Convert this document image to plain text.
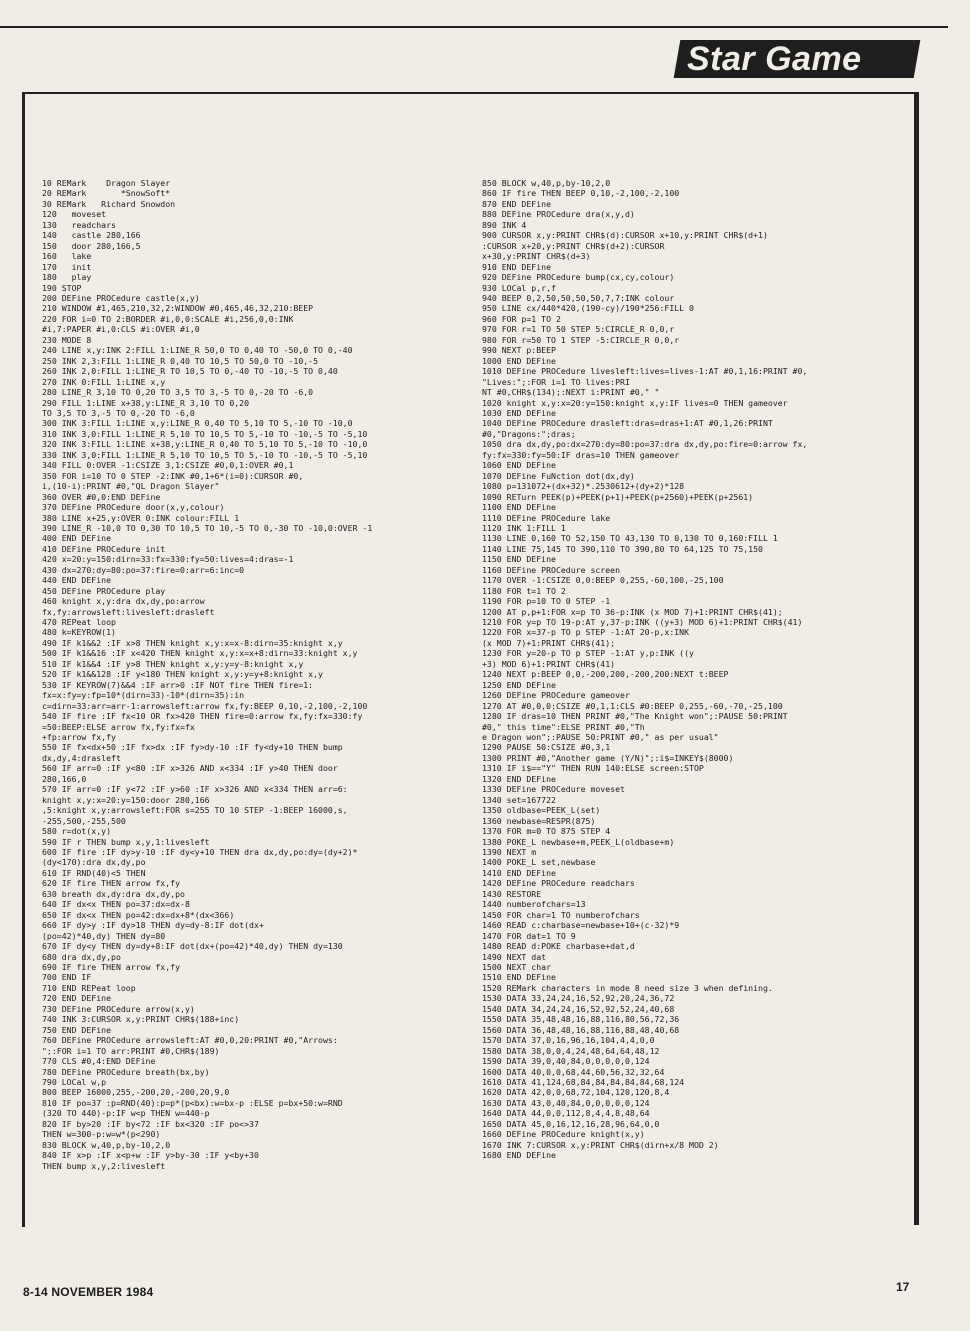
Star Game
10 REMark    Dragon Slayer
20 REMark       *SnowSoft*
30 REMark   Richard Snowdon
120   moveset
130   readchars
140   castle 280,166
150   door 280,166,5
160   lake
170   init
180   play
190 STOP
200 DEFine PROCedure castle(x,y)
210 WINDOW #1,465,210,32,2:WINDOW #0,465,46,32,210:BEEP
220 FOR i=0 TO 2:BORDER #i,0,0:SCALE #i,256,0,0:INK
#i,7:PAPER #i,0:CLS #i:OVER #i,0
230 MODE 8
240 LINE x,y:INK 2:FILL 1:LINE_R 50,0 TO 0,40 TO -50,0 TO 0,-40
250 INK 2,3:FILL 1:LINE_R 0,40 TO 10,5 TO 50,0 TO -10,-5
260 INK 2,0:FILL 1:LINE_R TO 10,5 TO 0,-40 TO -10,-5 TO 0,40
270 INK 0:FILL 1:LINE x,y
280 LINE_R 3,10 TO 0,20 TO 3,5 TO 3,-5 TO 0,-20 TO -6,0
290 FILL 1:LINE x+38,y:LINE_R 3,10 TO 0,20
TO 3,5 TO 3,-5 TO 0,-20 TO -6,0
300 INK 3:FILL 1:LINE x,y:LINE_R 0,40 TO 5,10 TO 5,-10 TO -10,0
310 INK 3,0:FILL 1:LINE_R 5,10 TO 10,5 TO 5,-10 TO -10,-5 TO -5,10
320 INK 3:FILL 1:LINE x+38,y:LINE_R 0,40 TO 5,10 TO 5,-10 TO -10,0
330 INK 3,0:FILL 1:LINE_R 5,10 TO 10,5 TO 5,-10 TO -10,-5 TO -5,10
340 FILL 0:OVER -1:CSIZE 3,1:CSIZE #0,0,1:OVER #0,1
350 FOR i=10 TO 0 STEP -2:INK #0,1+6*(i=0):CURSOR #0,
i,(10-i):PRINT #0,"QL Dragon Slayer"
360 OVER #0,0:END DEFine
370 DEFine PROCedure door(x,y,colour)
380 LINE x+25,y:OVER 0:INK colour:FILL 1
390 LINE_R -10,0 TO 0,30 TO 10,5 TO 10,-5 TO 0,-30 TO -10,0:OVER -1
400 END DEFine
410 DEFine PROCedure init
420 x=20:y=150:dirn=33:fx=330:fy=50:lives=4:dras=-1
430 dx=270:dy=80:po=37:fire=0:arr=6:inc=0
440 END DEFine
450 DEFine PROCedure play
460 knight x,y:dra dx,dy,po:arrow
fx,fy:arrowsleft:livesleft:drasleft
470 REPeat loop
480 k=KEYROW(1)
490 IF k1&&2 :IF x>8 THEN knight x,y:x=x-8:dirn=35:knight x,y
500 IF k1&&16 :IF x<420 THEN knight x,y:x=x+8:dirn=33:knight x,y
510 IF k1&&4 :IF y>8 THEN knight x,y:y=y-8:knight x,y
520 IF k1&&128 :IF y<180 THEN knight x,y:y=y+8:knight x,y
530 IF KEYROW(7)&&4 :IF arr>0 :IF NOT fire THEN fire=1:
fx=x:fy=y:fp=10*(dirn=33)-10*(dirn=35):in
c=dirn=33:arr=arr-1:arrowsleft:arrow fx,fy:BEEP 0,10,-2,100,-2,100
540 IF fire :IF fx<10 OR fx>420 THEN fire=0:arrow fx,fy:fx=330:fy
=50:BEEP:ELSE arrow fx,fy:fx=fx
+fp:arrow fx,fy
550 IF fx<dx+50 :IF fx>dx :IF fy>dy-10 :IF fy<dy+10 THEN bump
dx,dy,4:drasleft
560 IF arr=0 :IF y<80 :IF x>326 AND x<334 :IF y>40 THEN door
280,166,0
570 IF arr=0 :IF y<72 :IF y>60 :IF x>326 AND x<334 THEN arr=6:
knight x,y:x=20:y=150:door 280,166
,5:knight x,y:arrowsleft:FOR s=255 TO 10 STEP -1:BEEP 16000,s,
-255,500,-255,500
580 r=dot(x,y)
590 IF r THEN bump x,y,1:livesleft
600 IF fire :IF dy>y-10 :IF dy<y+10 THEN dra dx,dy,po:dy=(dy+2)*
(dy<170):dra dx,dy,po
610 IF RND(40)<5 THEN
620 IF fire THEN arrow fx,fy
630 breath dx,dy:dra dx,dy,po
640 IF dx<x THEN po=37:dx=dx-8
650 IF dx<x THEN po=42:dx=dx+8*(dx<366)
660 IF dy>y :IF dy>18 THEN dy=dy-8:IF dot(dx+
(po=42)*40,dy) THEN dy=80
670 IF dy<y THEN dy=dy+8:IF dot(dx+(po=42)*40,dy) THEN dy=130
680 dra dx,dy,po
690 IF fire THEN arrow fx,fy
700 END IF
710 END REPeat loop
720 END DEFine
730 DEFine PROCedure arrow(x,y)
740 INK 3:CURSOR x,y:PRINT CHR$(188+inc)
750 END DEFine
760 DEFine PROCedure arrowsleft:AT #0,0,20:PRINT #0,"Arrows:
";:FOR i=1 TO arr:PRINT #0,CHR$(189)
770 CLS #0,4:END DEFine
780 DEFine PROCedure breath(bx,by)
790 LOCal w,p
800 BEEP 16000,255,-200,20,-200,20,9,0
810 IF po=37 :p=RND(40):p=p*(p<bx):w=bx-p :ELSE p=bx+50:w=RND
(320 TO 440)-p:IF w<p THEN w=440-p
820 IF by>20 :IF by<72 :IF bx<320 :IF po<>37
THEN w=300-p:w=w*(p<290)
830 BLOCK w,40,p,by-10,2,0
840 IF x>p :IF x<p+w :IF y>by-30 :IF y<by+30
THEN bump x,y,2:livesleft
850 BLOCK w,40,p,by-10,2,0
860 IF fire THEN BEEP 0,10,-2,100,-2,100
870 END DEFine
880 DEFine PROCedure dra(x,y,d)
890 INK 4
900 CURSOR x,y:PRINT CHR$(d):CURSOR x+10,y:PRINT CHR$(d+1)
:CURSOR x+20,y:PRINT CHR$(d+2):CURSOR
x+30,y:PRINT CHR$(d+3)
910 END DEFine
920 DEFine PROCedure bump(cx,cy,colour)
930 LOCal p,r,f
940 BEEP 0,2,50,50,50,50,7,7:INK colour
950 LINE cx/440*420,(190-cy)/190*256:FILL 0
960 FOR p=1 TO 2
970 FOR r=1 TO 50 STEP 5:CIRCLE_R 0,0,r
980 FOR r=50 TO 1 STEP -5:CIRCLE_R 0,0,r
990 NEXT p:BEEP
1000 END DEFine
1010 DEFine PROCedure livesleft:lives=lives-1:AT #0,1,16:PRINT #0,
"Lives:";:FOR i=1 TO lives:PRI
NT #0,CHR$(134);:NEXT i:PRINT #0," "
1020 knight x,y:x=20:y=150:knight x,y:IF lives=0 THEN gameover
1030 END DEFine
1040 DEFine PROCedure drasleft:dras=dras+1:AT #0,1,26:PRINT
#0,"Dragons:";dras;
1050 dra dx,dy,po:dx=270:dy=80:po=37:dra dx,dy,po:fire=0:arrow fx,
fy:fx=330:fy=50:IF dras=10 THEN gameover
1060 END DEFine
1070 DEFine FuNction dot(dx,dy)
1080 p=131072+(dx+32)*.2530612+(dy+2)*128
1090 RETurn PEEK(p)+PEEK(p+1)+PEEK(p+2560)+PEEK(p+2561)
1100 END DEFine
1110 DEFine PROCedure lake
1120 INK 1:FILL 1
1130 LINE 0,160 TO 52,150 TO 43,130 TO 0,130 TO 0,160:FILL 1
1140 LINE 75,145 TO 390,110 TO 390,80 TO 64,125 TO 75,150
1150 END DEFine
1160 DEFine PROCedure screen
1170 OVER -1:CSIZE 0,0:BEEP 0,255,-60,100,-25,100
1180 FOR t=1 TO 2
1190 FOR p=10 TO 0 STEP -1
1200 AT p,p+1:FOR x=p TO 36-p:INK (x MOD 7)+1:PRINT CHR$(41);
1210 FOR y=p TO 19-p:AT y,37-p:INK ((y+3) MOD 6)+1:PRINT CHR$(41)
1220 FOR x=37-p TO p STEP -1:AT 20-p,x:INK
(x MOD 7)+1:PRINT CHR$(41);
1230 FOR y=20-p TO p STEP -1:AT y,p:INK ((y
+3) MOD 6)+1:PRINT CHR$(41)
1240 NEXT p:BEEP 0,0,-200,200,-200,200:NEXT t:BEEP
1250 END DEFine
1260 DEFine PROCedure gameover
1270 AT #0,0,0:CSIZE #0,1,1:CLS #0:BEEP 0,255,-60,-70,-25,100
1280 IF dras=10 THEN PRINT #0,"The Knight won";:PAUSE 50:PRINT
#0," this time":ELSE PRINT #0,"Th
e Dragon won";:PAUSE 50:PRINT #0," as per usual"
1290 PAUSE 50:CSIZE #0,3,1
1300 PRINT #0,"Another game (Y/N)";:i$=INKEY$(8000)
1310 IF i$=="Y" THEN RUN 140:ELSE screen:STOP
1320 END DEFine
1330 DEFine PROCedure moveset
1340 set=167722
1350 oldbase=PEEK_L(set)
1360 newbase=RESPR(875)
1370 FOR m=0 TO 875 STEP 4
1380 POKE_L newbase+m,PEEK_L(oldbase+m)
1390 NEXT m
1400 POKE_L set,newbase
1410 END DEFine
1420 DEFine PROCedure readchars
1430 RESTORE
1440 numberofchars=13
1450 FOR char=1 TO numberofchars
1460 READ c:charbase=newbase+10+(c-32)*9
1470 FOR dat=1 TO 9
1480 READ d:POKE charbase+dat,d
1490 NEXT dat
1500 NEXT char
1510 END DEFine
1520 REMark characters in mode 8 need size 3 when defining.
1530 DATA 33,24,24,16,52,92,20,24,36,72
1540 DATA 34,24,24,16,52,92,52,24,40,68
1550 DATA 35,48,48,16,88,116,80,56,72,36
1560 DATA 36,48,48,16,88,116,88,48,40,68
1570 DATA 37,0,16,96,16,104,4,4,0,0
1580 DATA 38,0,0,4,24,48,64,64,48,12
1590 DATA 39,0,40,84,0,0,0,0,0,124
1600 DATA 40,0,0,68,44,60,56,32,32,64
1610 DATA 41,124,68,84,84,84,84,84,68,124
1620 DATA 42,0,0,68,72,104,120,120,8,4
1630 DATA 43,0,40,84,0,0,0,0,0,124
1640 DATA 44,0,0,112,8,4,4,8,48,64
1650 DATA 45,0,16,12,16,28,96,64,0,0
1660 DEFine PROCedure knight(x,y)
1670 INK 7:CURSOR x,y:PRINT CHR$(dirn+x/8 MOD 2)
1680 END DEFine
8-14 NOVEMBER 1984	17
